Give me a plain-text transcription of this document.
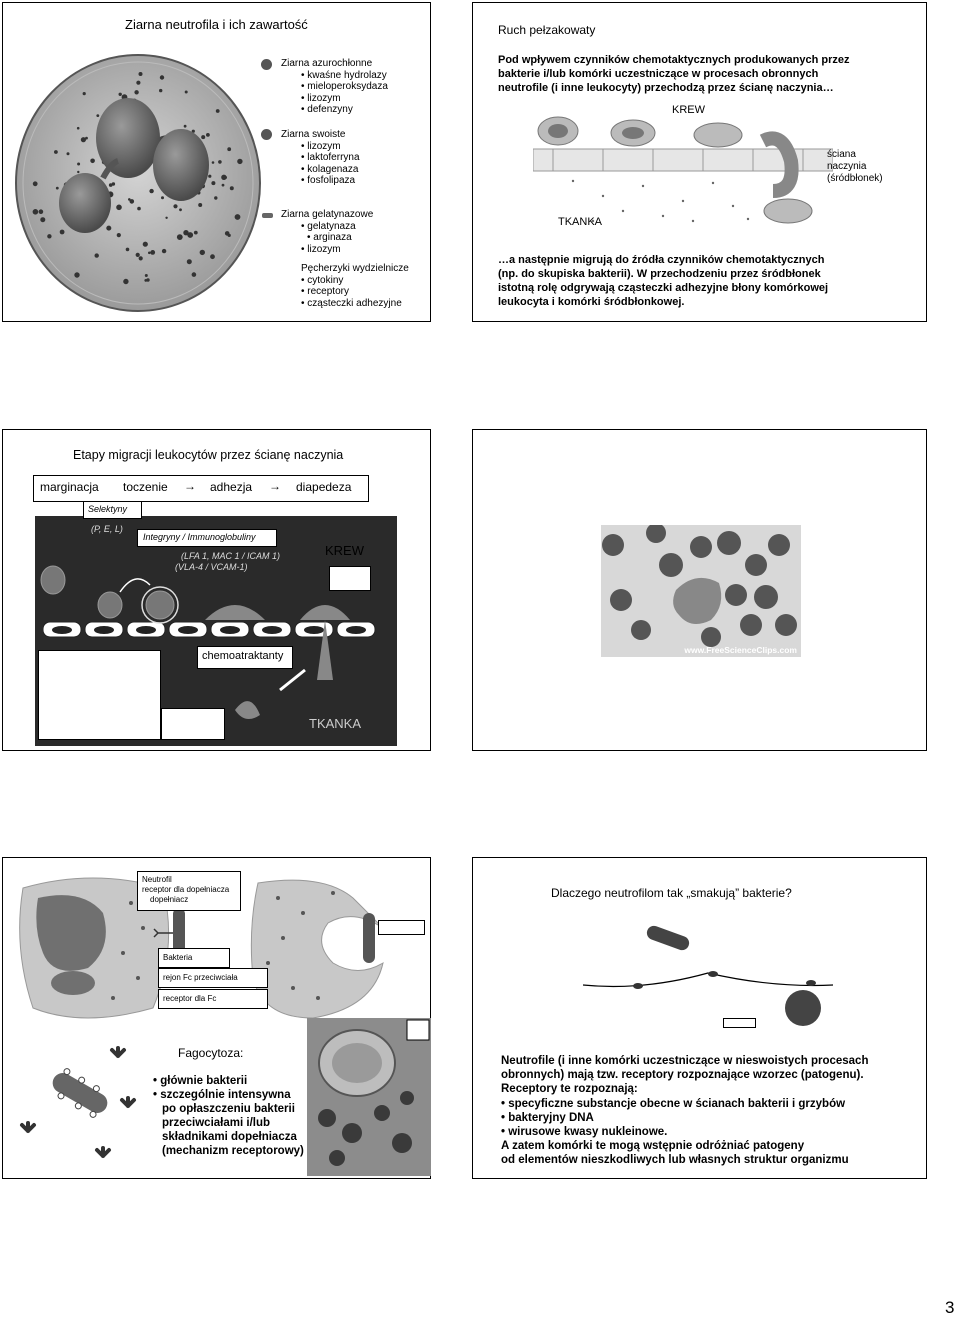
Ziarna neutrofila i ich zawartość
Ziarna azurochłonne
• kwaśne hydrolazy
• mieloperoksydaza
• lizozym
• defenzyny
Ziarna swoiste
• lizozym
• laktoferryna
• kolagenaza
• fosfolipaza
Ziarna gelatynazowe
• gelatynaza
• arginaza
• lizozym
Pęcherzyki wydzielnicze
• cytokiny
• receptory
• cząsteczki adhezyjne
Ruch pełzakowaty
Pod wpływem czynników chemotaktycznych produkowanych przez
bakterie i/lub komórki uczestniczące w procesach obronnych
neutrofile (i inne leukocyty) przechodzą przez ścianę naczynia…
KREW
ściana
naczynia
(śródbłonek)
TKANKA
…a następnie migrują do źródła czynników chemotaktycznych
(np. do skupiska bakterii). W przechodzeniu przez śródbłonek
istotną rolę odgrywają cząsteczki adhezyjne błony komórkowej
leukocyta i komórki śródbłonkowej.
Etapy migracji leukocytów przez ścianę naczynia
marginacja toczenie → adhezja → diapedeza
Selektyny
(P, E, L)
Integryny / Immunoglobuliny
(LFA 1, MAC 1 / ICAM 1)
(VLA-4 / VCAM-1)
KREW
chemoatraktanty
TKANKA
www.FreeScienceClips.com
Neutrofil
receptor dla dopełniacza
dopełniacz
Bakteria
rejon Fc przeciwciała
receptor dla Fc
Fagocytoza:
• głównie bakterii
• szczególnie intensywna
po opłaszczeniu bakterii
przeciwciałami i/lub
składnikami dopełniacza
(mechanizm receptorowy)
Dlaczego neutrofilom tak „smakują” bakterie?
Neutrofile (i inne komórki uczestniczące w nieswoistych procesach
obronnych) mają tzw. receptory rozpoznające wzorzec (patogenu).
Receptory te rozpoznają:
• specyficzne substancje obecne w ścianach bakterii i grzybów
• bakteryjny DNA
• wirusowe kwasy nukleinowe.
A zatem komórki te mogą wstępnie odróżniać patogeny
od elementów nieszkodliwych lub własnych struktur organizmu
3
